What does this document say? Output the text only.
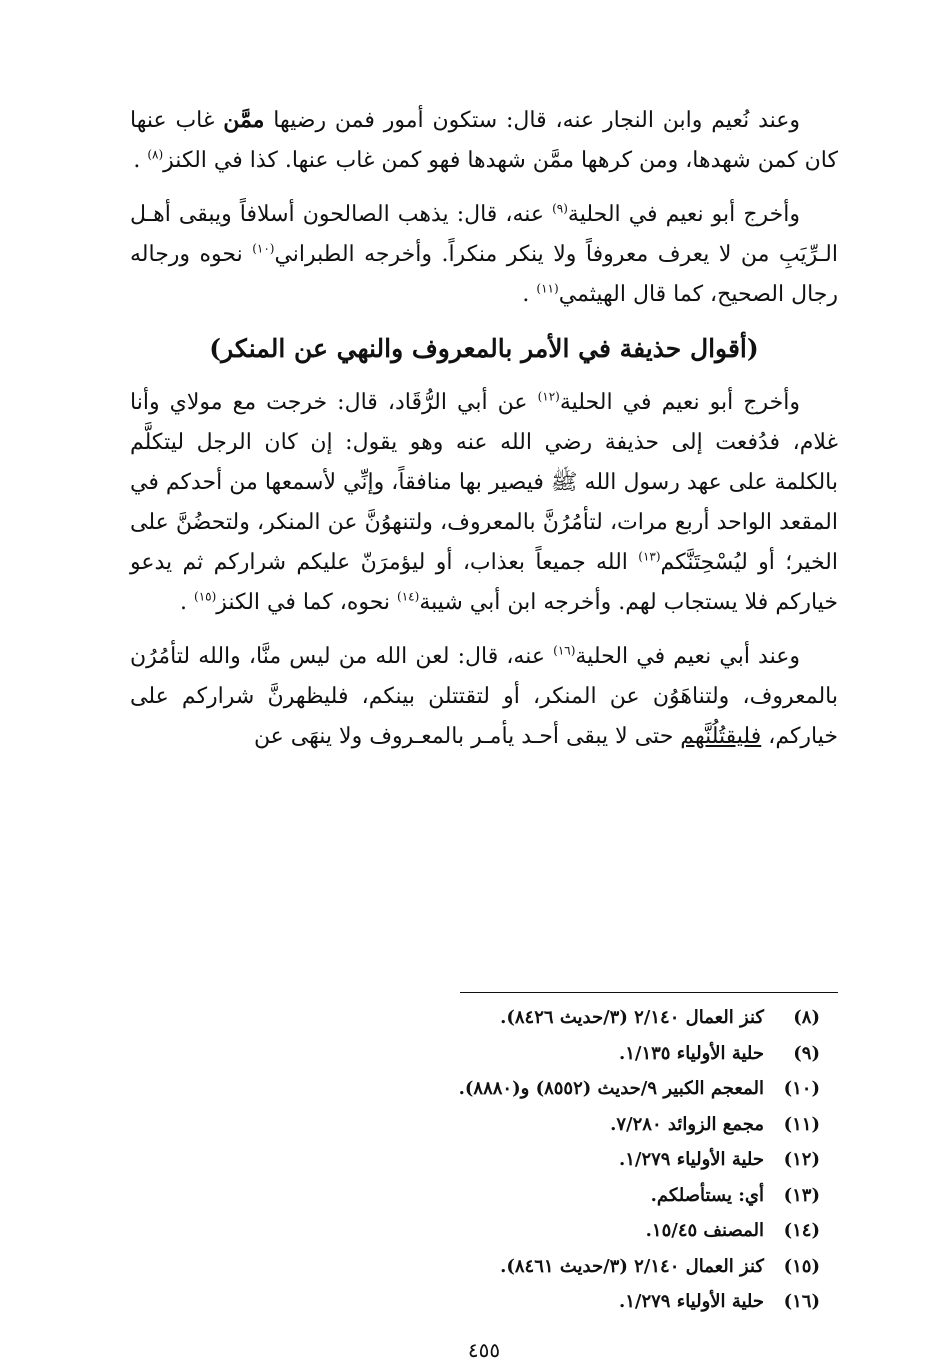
وعند نُعيم وابن النجار عنه، قال: ستكون أمور فمن رضيها ممَّن غاب عنها كان كمن شهدها، ومن كرهها ممَّن شهدها فهو كمن غاب عنها. كذا في الكنز$^{(٨)}$ .

وأخرج أبو نعيم في الحلية$^{(٩)}$ عنه، قال: يذهب الصالحون أسلافاً ويبقى أهـل الـرِّيَبِ من لا يعرف معروفاً ولا ينكر منكراً. وأخرجه الطبراني$^{(١٠)}$ نحوه ورجاله رجال الصحيح، كما قال الهيثمي$^{(١١)}$ .

(أقوال حذيفة في الأمر بالمعروف والنهي عن المنكر)

وأخرج أبو نعيم في الحلية$^{(١٢)}$ عن أبي الرُّقَاد، قال: خرجت مع مولاي وأنا غلام، فدُفعت إلى حذيفة رضي الله عنه وهو يقول: إن كان الرجل ليتكلَّم بالكلمة على عهد رسول الله ﷺ فيصير بها منافقاً، وإنِّي لأسمعها من أحدكم في المقعد الواحد أربع مرات، لتأمُرُنَّ بالمعروف، ولتنهوُنَّ عن المنكر، ولتحضُنَّ على الخير؛ أو ليُسْحِتَنَّكم$^{(١٣)}$ الله جميعاً بعذاب، أو ليؤمرَنّ عليكم شراركم ثم يدعو خياركم فلا يستجاب لهم. وأخرجه ابن أبي شيبة$^{(١٤)}$ نحوه، كما في الكنز$^{(١٥)}$ .

وعند أبي نعيم في الحلية$^{(١٦)}$ عنه، قال: لعن الله من ليس منَّا، والله لتأمُرُن بالمعروف، ولتناهَوُن عن المنكر، أو لتقتتلن بينكم، فليظهرنَّ شراركم على خياركم، فليقتُلُنَّهم حتى لا يبقى أحـد يأمـر بالمعـروف ولا ينهَى عن

(٨)
كنز العمال ٢/١٤٠ (٣/حديث ٨٤٢٦).
(٩)
حلية الأولياء ١/١٣٥.
(١٠)
المعجم الكبير ٩/حديث (٨٥٥٢) و(٨٨٨٠).
(١١)
مجمع الزوائد ٧/٢٨٠.
(١٢)
حلية الأولياء ١/٢٧٩.
(١٣)
أي: يستأصلكم.
(١٤)
المصنف ١٥/٤٥.
(١٥)
كنز العمال ٢/١٤٠ (٣/حديث ٨٤٦١).
(١٦)
حلية الأولياء ١/٢٧٩.
٤٥٥
